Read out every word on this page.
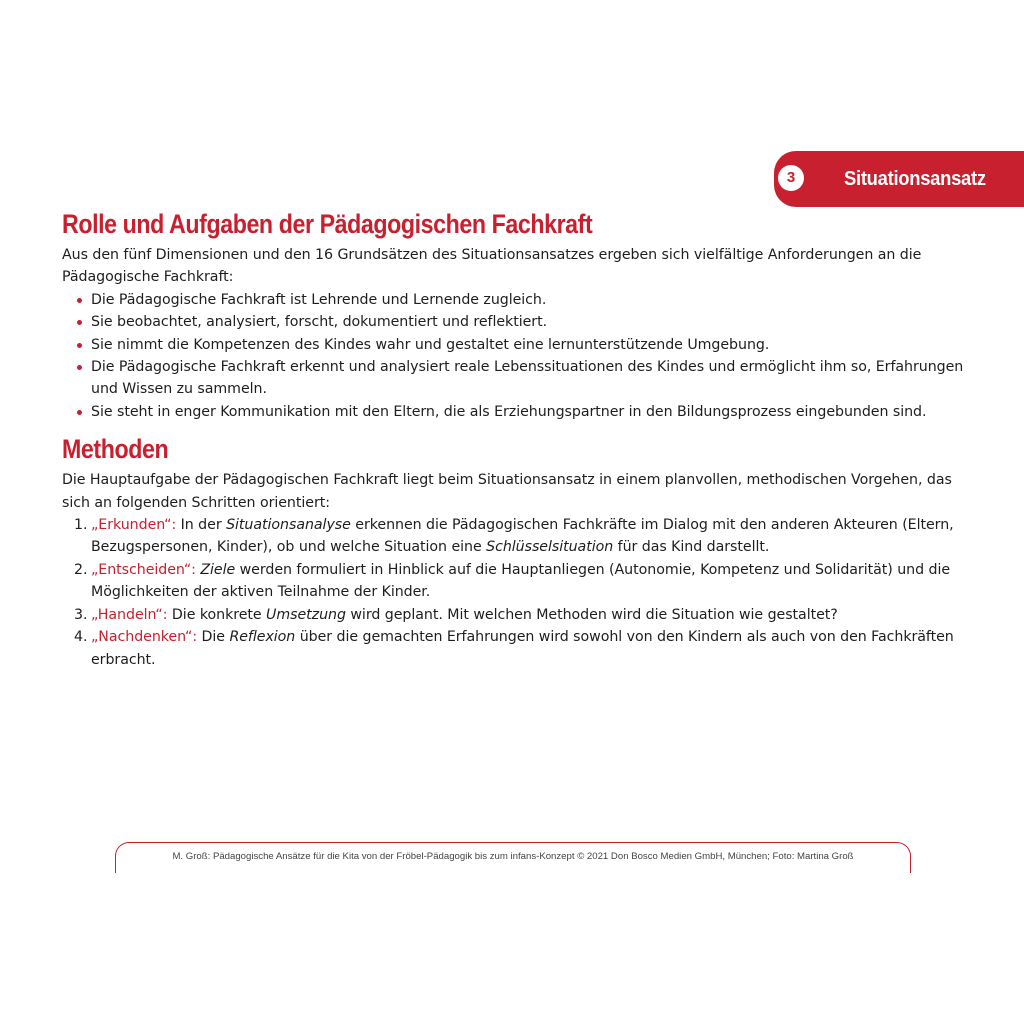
3	Situationsansatz
Rolle und Aufgaben der Pädagogischen Fachkraft

Aus den fünf Dimensionen und den 16 Grundsätzen des Situationsansatzes ergeben sich vielfältige Anforderungen an die Pädagogische Fachkraft:

Die Pädagogische Fachkraft ist Lehrende und Lernende zugleich.
Sie beobachtet, analysiert, forscht, dokumentiert und reflektiert.
Sie nimmt die Kompetenzen des Kindes wahr und gestaltet eine lernunterstützende Umgebung.
Die Pädagogische Fachkraft erkennt und analysiert reale Lebenssituationen des Kindes und ermöglicht ihm so, Erfahrungen und Wissen zu sammeln.
Sie steht in enger Kommunikation mit den Eltern, die als Erziehungspartner in den Bildungsprozess eingebunden sind.
Methoden

Die Hauptaufgabe der Pädagogischen Fachkraft liegt beim Situationsansatz in einem planvollen, methodischen Vorgehen, das sich an folgenden Schritten orientiert:

1. „Erkunden“: In der Situationsanalyse erkennen die Pädagogischen Fachkräfte im Dialog mit den anderen Akteuren (Eltern, Bezugspersonen, Kinder), ob und welche Situation eine Schlüsselsituation für das Kind darstellt.
2. „Entscheiden“: Ziele werden formuliert in Hinblick auf die Hauptanliegen (Autonomie, Kompetenz und Solidarität) und die Möglichkeiten der aktiven Teilnahme der Kinder.
3. „Handeln“: Die konkrete Umsetzung wird geplant. Mit welchen Methoden wird die Situation wie gestaltet?
4. „Nachdenken“: Die Reflexion über die gemachten Erfahrungen wird sowohl von den Kindern als auch von den Fachkräften erbracht.
M. Groß: Pädagogische Ansätze für die Kita von der Fröbel-Pädagogik bis zum infans-Konzept © 2021 Don Bosco Medien GmbH, München; Foto: Martina Groß
